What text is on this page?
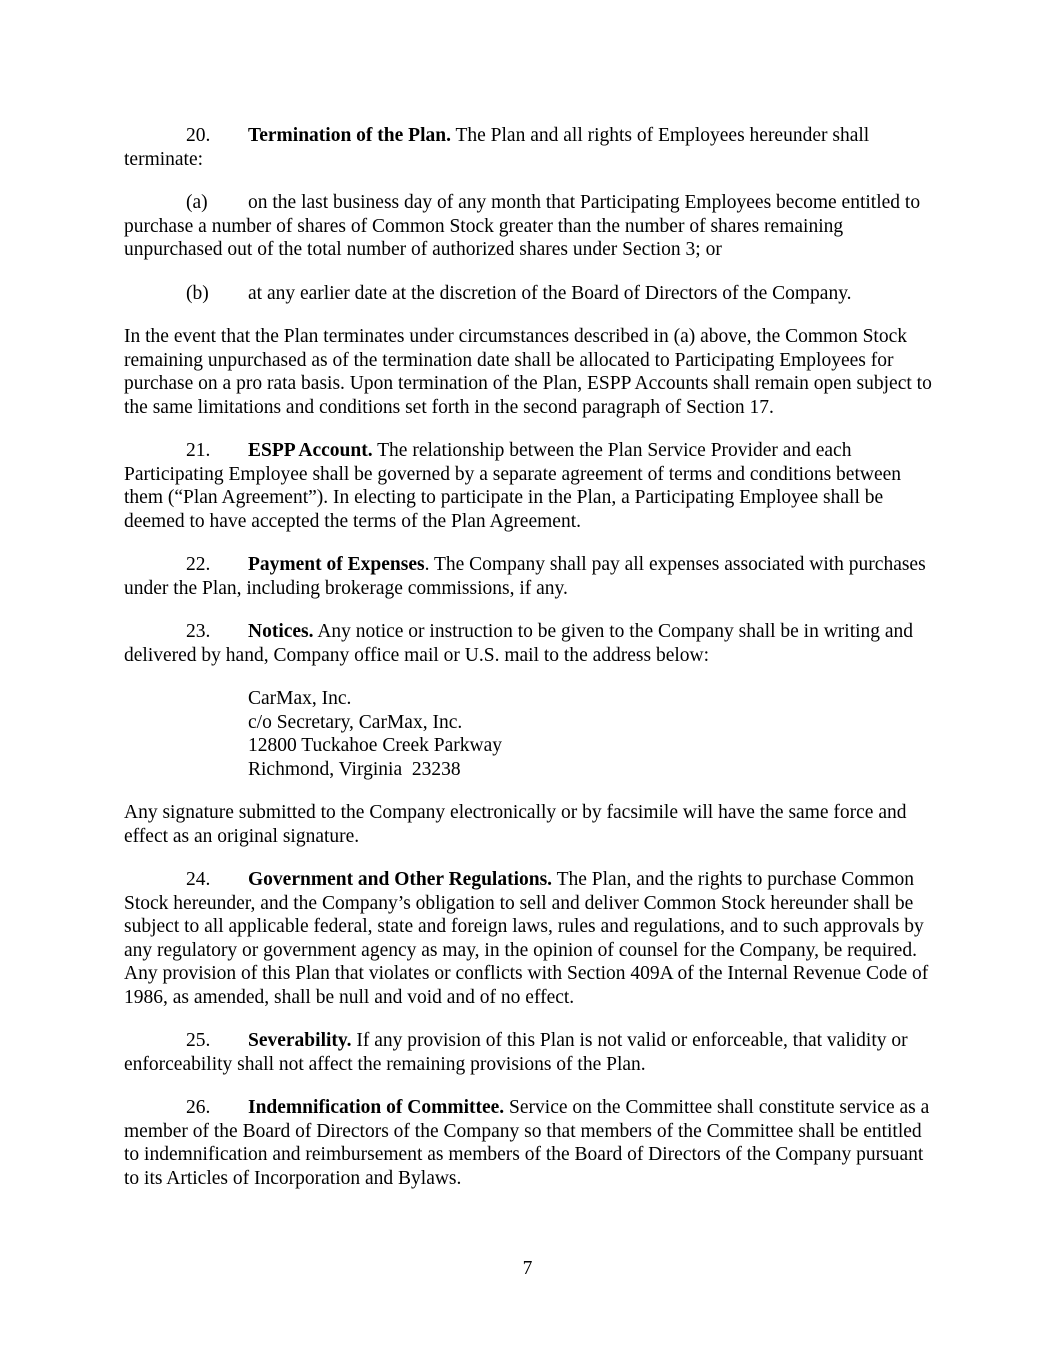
20. Termination of the Plan. The Plan and all rights of Employees hereunder shall terminate:

(a) on the last business day of any month that Participating Employees become entitled to purchase a number of shares of Common Stock greater than the number of shares remaining unpurchased out of the total number of authorized shares under Section 3; or

(b) at any earlier date at the discretion of the Board of Directors of the Company.

In the event that the Plan terminates under circumstances described in (a) above, the Common Stock remaining unpurchased as of the termination date shall be allocated to Participating Employees for purchase on a pro rata basis. Upon termination of the Plan, ESPP Accounts shall remain open subject to the same limitations and conditions set forth in the second paragraph of Section 17.

21. ESPP Account. The relationship between the Plan Service Provider and each Participating Employee shall be governed by a separate agreement of terms and conditions between them (“Plan Agreement”). In electing to participate in the Plan, a Participating Employee shall be deemed to have accepted the terms of the Plan Agreement.

22. Payment of Expenses. The Company shall pay all expenses associated with purchases under the Plan, including brokerage commissions, if any.

23. Notices. Any notice or instruction to be given to the Company shall be in writing and delivered by hand, Company office mail or U.S. mail to the address below:

CarMax, Inc.
c/o Secretary, CarMax, Inc.
12800 Tuckahoe Creek Parkway
Richmond, Virginia  23238

Any signature submitted to the Company electronically or by facsimile will have the same force and effect as an original signature.

24. Government and Other Regulations. The Plan, and the rights to purchase Common Stock hereunder, and the Company’s obligation to sell and deliver Common Stock hereunder shall be subject to all applicable federal, state and foreign laws, rules and regulations, and to such approvals by any regulatory or government agency as may, in the opinion of counsel for the Company, be required. Any provision of this Plan that violates or conflicts with Section 409A of the Internal Revenue Code of 1986, as amended, shall be null and void and of no effect.

25. Severability. If any provision of this Plan is not valid or enforceable, that validity or enforceability shall not affect the remaining provisions of the Plan.

26. Indemnification of Committee. Service on the Committee shall constitute service as a member of the Board of Directors of the Company so that members of the Committee shall be entitled to indemnification and reimbursement as members of the Board of Directors of the Company pursuant to its Articles of Incorporation and Bylaws.

7
